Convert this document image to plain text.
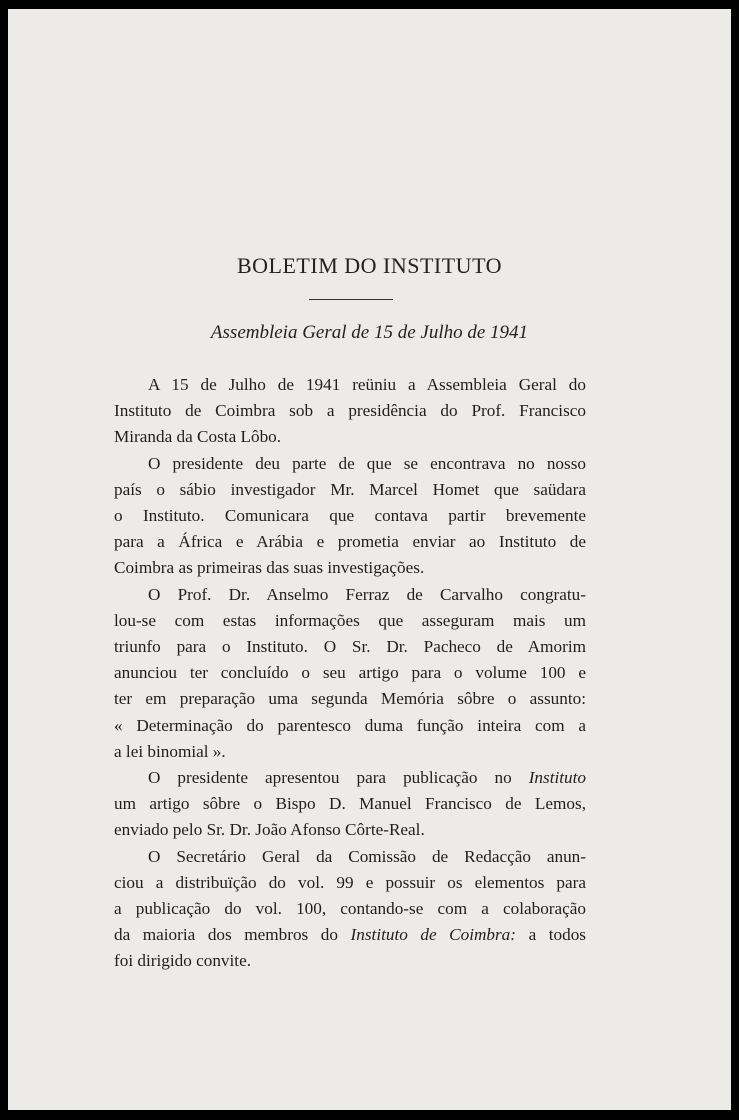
BOLETIM DO INSTITUTO
Assembleia Geral de 15 de Julho de 1941
A 15 de Julho de 1941 reüniu a Assembleia Geral do
Instituto de Coimbra sob a presidência do Prof. Francisco
Miranda da Costa Lôbo.
O presidente deu parte de que se encontrava no nosso
país o sábio investigador Mr. Marcel Homet que saüdara
o Instituto. Comunicara que contava partir brevemente
para a África e Arábia e prometia enviar ao Instituto de
Coimbra as primeiras das suas investigações.
O Prof. Dr. Anselmo Ferraz de Carvalho congratu-
lou-se com estas informações que asseguram mais um
triunfo para o Instituto. O Sr. Dr. Pacheco de Amorim
anunciou ter concluído o seu artigo para o volume 100 e
ter em preparação uma segunda Memória sôbre o assunto:
« Determinação do parentesco duma função inteira com a
a lei binomial ».
O presidente apresentou para publicação no Instituto
um artigo sôbre o Bispo D. Manuel Francisco de Lemos,
enviado pelo Sr. Dr. João Afonso Côrte-Real.
O Secretário Geral da Comissão de Redacção anun-
ciou a distribuïção do vol. 99 e possuir os elementos para
a publicação do vol. 100, contando-se com a colaboração
da maioria dos membros do Instituto de Coimbra: a todos
foi dirigido convite.
